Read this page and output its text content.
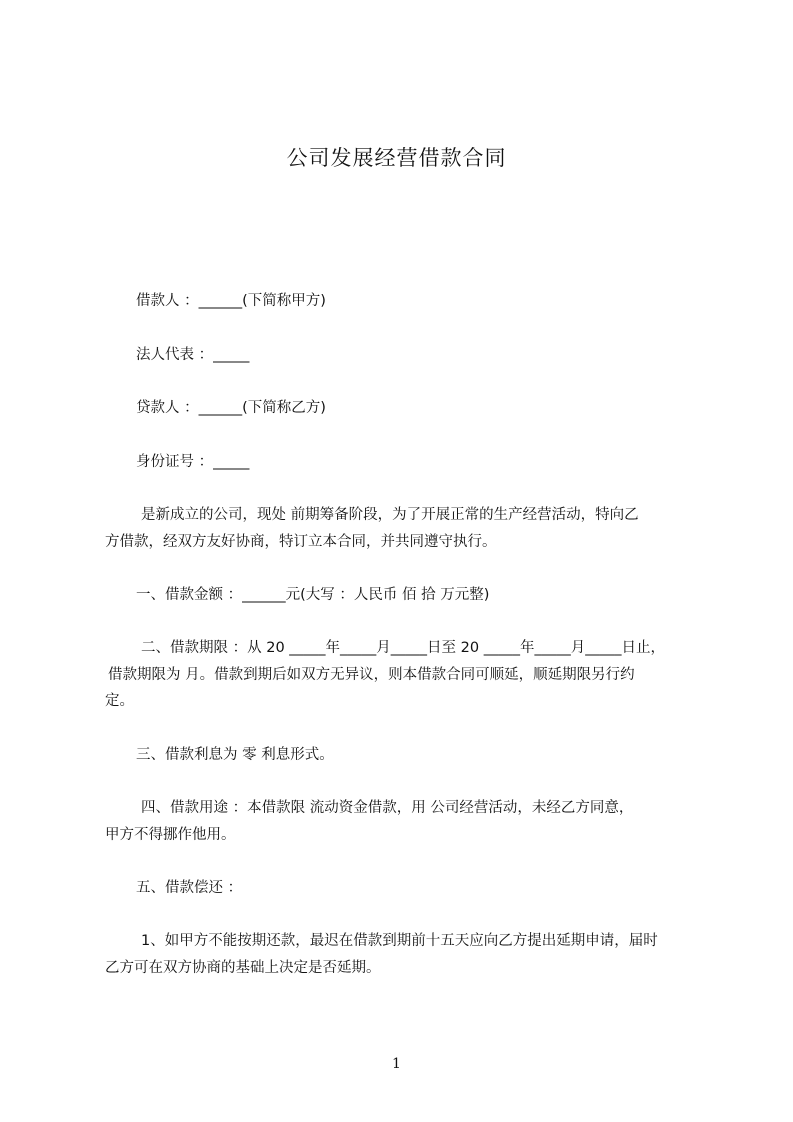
公司发展经营借款合同
借款人 ：______(下简称甲方)
法人代表 ：_____
贷款人 ：______(下简称乙方)
身份证号 ：_____
是新成立的公司，现处 前期筹备阶段，为了开展正常的生产经营活动，特向乙
方借款，经双方友好协商，特订立本合同，并共同遵守执行。
一、借款金额 ：______元(大写 ：人民币 佰 拾 万元整)
二、借款期限 ：从 20 _____年_____月_____日至 20 _____年_____月_____日止，
借款期限为 月。借款到期后如双方无异议，则本借款合同可顺延，顺延期限另行约
定。
三、借款利息为 零 利息形式。
四、借款用途 ：本借款限 流动资金借款，用 公司经营活动，未经乙方同意，
甲方不得挪作他用。
五、借款偿还 ：
1、如甲方不能按期还款，最迟在借款到期前十五天应向乙方提出延期申请，届时
乙方可在双方协商的基础上决定是否延期。
1
